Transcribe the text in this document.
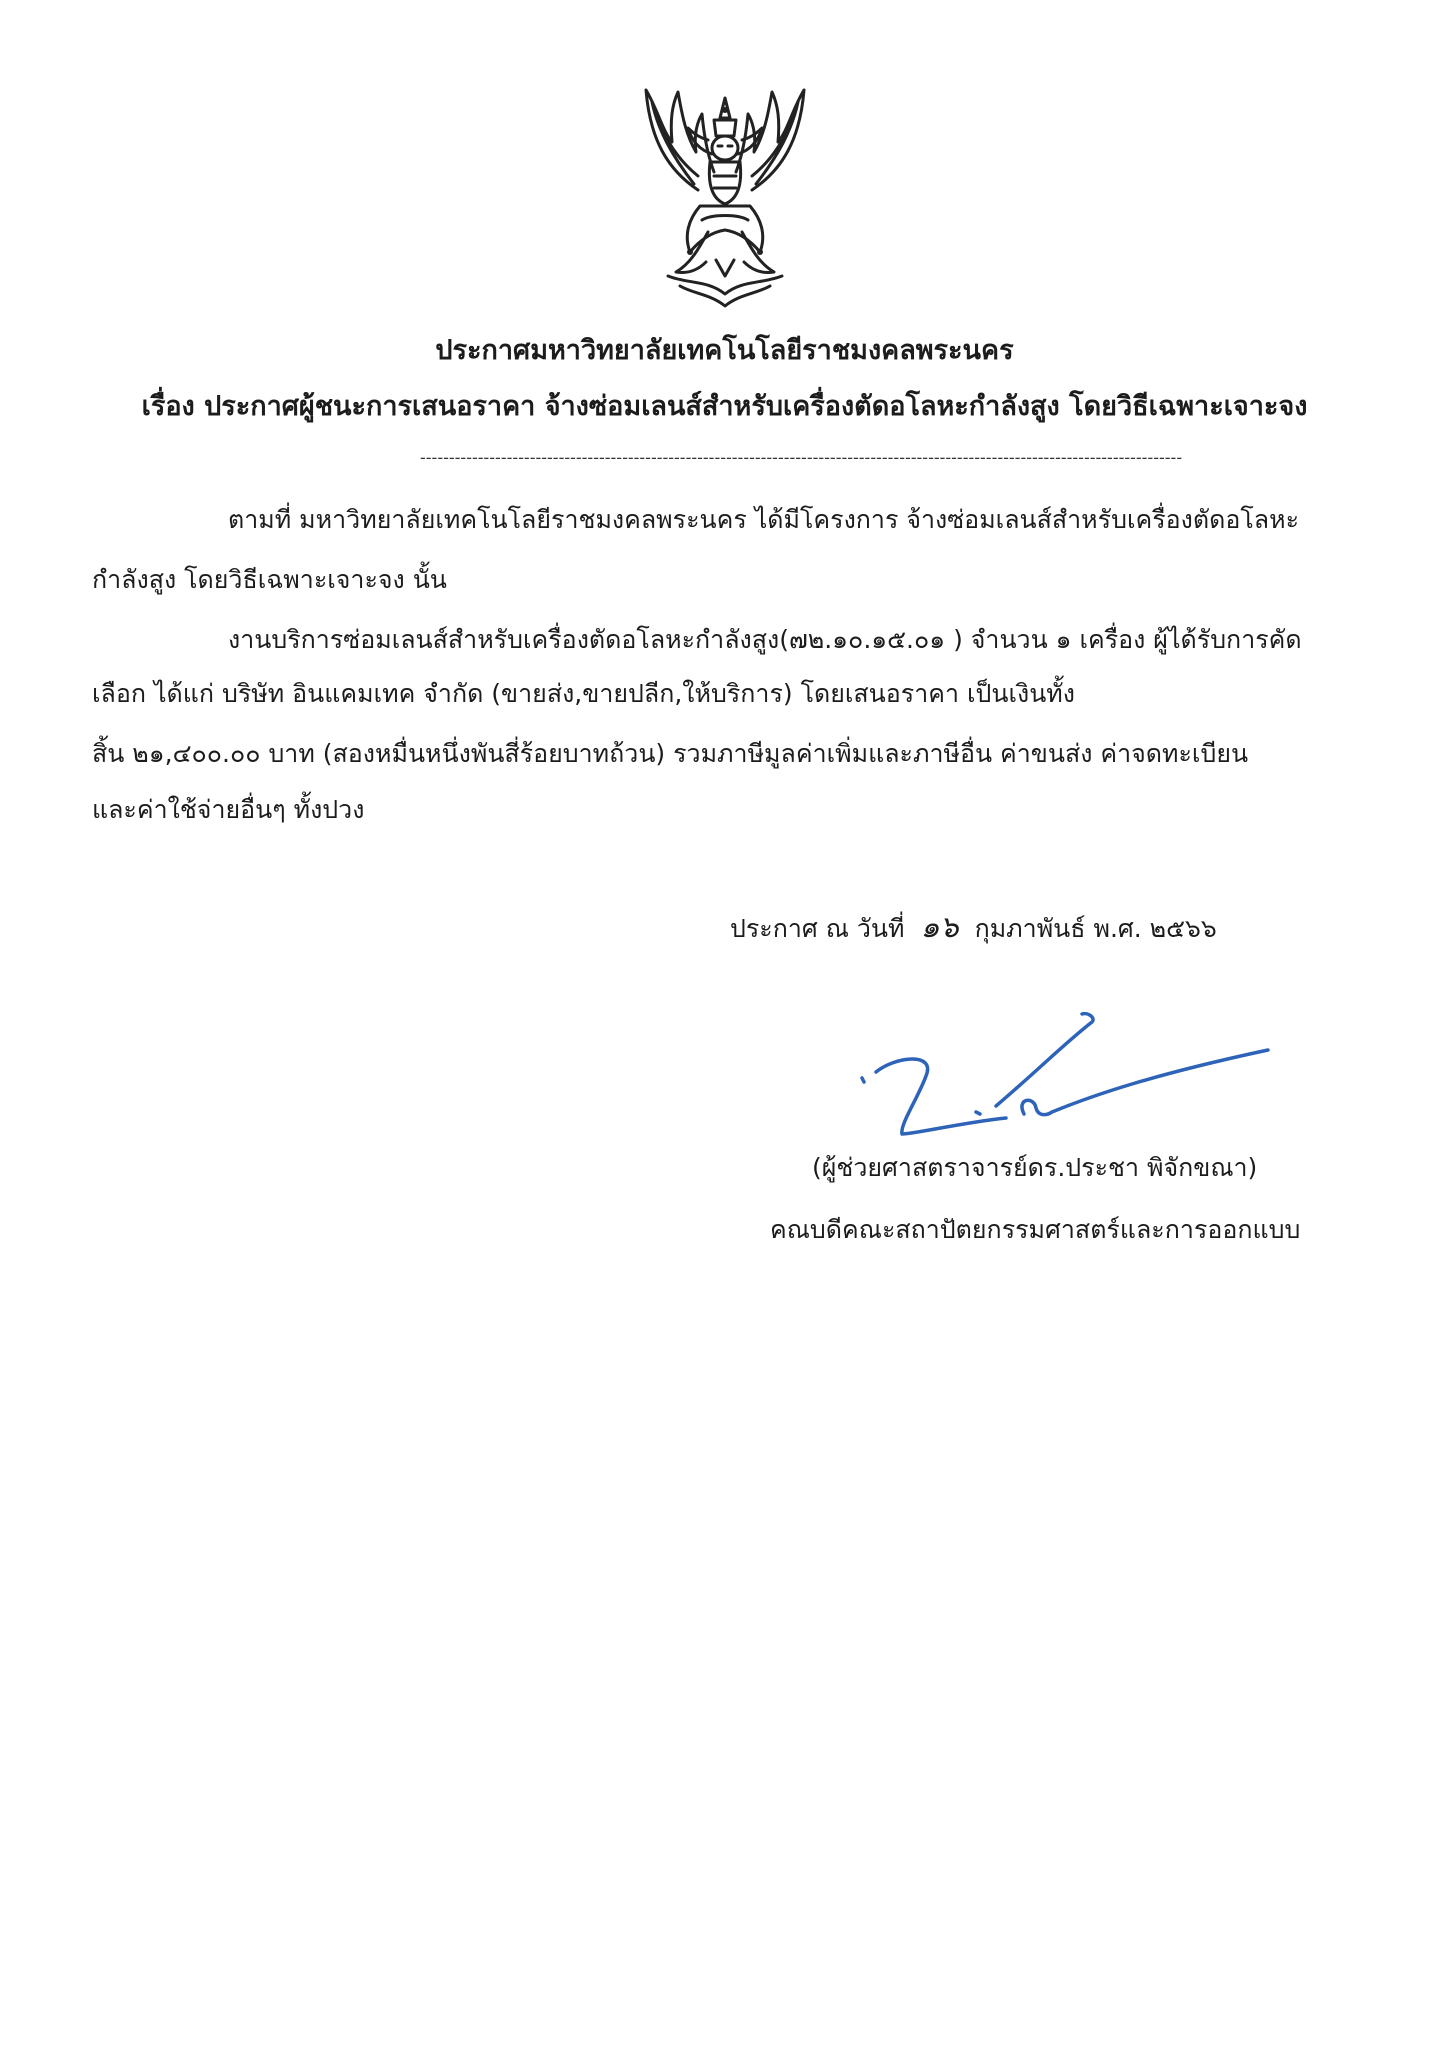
ประกาศมหาวิทยาลัยเทคโนโลยีราชมงคลพระนคร
เรื่อง ประกาศผู้ชนะการเสนอราคา จ้างซ่อมเลนส์สำหรับเครื่องตัดอโลหะกำลังสูง โดยวิธีเฉพาะเจาะจง
------------------------------------------------------------------------------------------------------------------------------------
ตามที่ มหาวิทยาลัยเทคโนโลยีราชมงคลพระนคร ได้มีโครงการ จ้างซ่อมเลนส์สำหรับเครื่องตัดอโลหะ
กำลังสูง โดยวิธีเฉพาะเจาะจง นั้น
งานบริการซ่อมเลนส์สำหรับเครื่องตัดอโลหะกำลังสูง(๗๒.๑๐.๑๕.๐๑ ) จำนวน ๑ เครื่อง ผู้ได้รับการคัด
เลือก ได้แก่ บริษัท อินแคมเทค จำกัด (ขายส่ง,ขายปลีก,ให้บริการ) โดยเสนอราคา เป็นเงินทั้ง
สิ้น ๒๑,๔๐๐.๐๐ บาท (สองหมื่นหนึ่งพันสี่ร้อยบาทถ้วน) รวมภาษีมูลค่าเพิ่มและภาษีอื่น ค่าขนส่ง ค่าจดทะเบียน
และค่าใช้จ่ายอื่นๆ ทั้งปวง
ประกาศ ณ วันที่ ๑๖ กุมภาพันธ์ พ.ศ. ๒๕๖๖
(ผู้ช่วยศาสตราจารย์ดร.ประชา พิจักขณา)
คณบดีคณะสถาปัตยกรรมศาสตร์และการออกแบบ
